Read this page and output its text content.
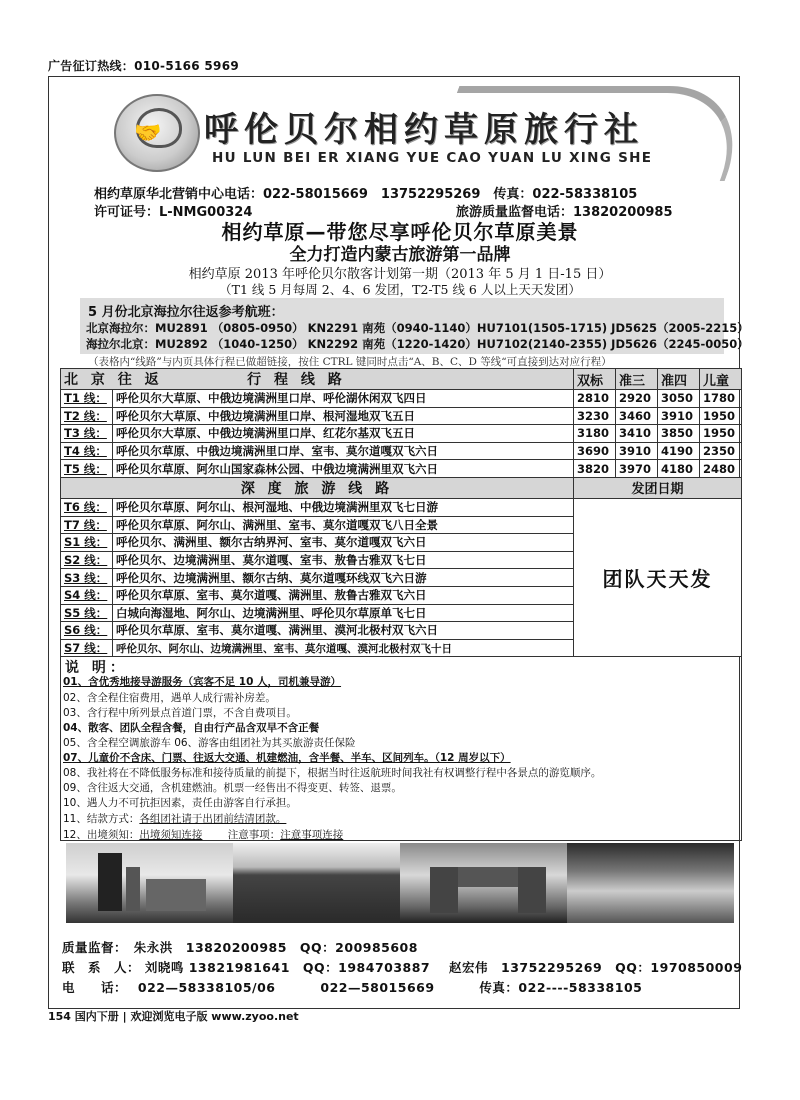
广告征订热线：010-5166 5969
🤝 呼伦贝尔相约草原旅行社
HU LUN BEI ER XIANG YUE CAO YUAN LU XING SHE
相约草原华北营销中心电话：022-58015669　13752295269　传真：022-58338105
许可证号：L-NMG00324	旅游质量监督电话：13820200985
相约草原—带您尽享呼伦贝尔草原美景
全力打造内蒙古旅游第一品牌
相约草原 2013 年呼伦贝尔散客计划第一期（2013 年 5 月 1 日-15 日）
（T1 线 5 月每周 2、4、6 发团，T2-T5 线 6 人以上天天发团）
5 月份北京海拉尔往返参考航班：
北京海拉尔：MU2891 （0805-0950） KN2291 南苑（0940-1140）HU7101(1505-1715) JD5625（2005-2215）
海拉尔北京：MU2892 （1040-1250） KN2292 南苑（1220-1420）HU7102(2140-2355) JD5626（2245-0050）
（表格内“线路”与内页具体行程已做超链接，按住 CTRL 键同时点击“A、B、C、D 等线“可直接到达对应行程）
北 京 往 返 行 程 线 路		双标	准三	准四	儿童
T1 线：	呼伦贝尔大草原、中俄边境满洲里口岸、呼伦湖休闲双飞四日	2810	2920	3050	1780
T2 线：	呼伦贝尔大草原、中俄边境满洲里口岸、根河湿地双飞五日	3230	3460	3910	1950
T3 线：	呼伦贝尔大草原、中俄边境满洲里口岸、红花尔基双飞五日	3180	3410	3850	1950
T4 线：	呼伦贝尔草原、中俄边境满洲里口岸、室韦、莫尔道嘎双飞六日	3690	3910	4190	2350
T5 线：	呼伦贝尔草原、阿尔山国家森林公园、中俄边境满洲里双飞六日	3820	3970	4180	2480
深 度 旅 游 线 路		发团日期			
T6 线：	呼伦贝尔草原、阿尔山、根河湿地、中俄边境满洲里双飞七日游	团队天天发			
T7 线：	呼伦贝尔草原、阿尔山、满洲里、室韦、莫尔道嘎双飞八日全景				
S1 线：	呼伦贝尔、满洲里、额尔古纳界河、室韦、莫尔道嘎双飞六日				
S2 线：	呼伦贝尔、边境满洲里、莫尔道嘎、室韦、敖鲁古雅双飞七日				
S3 线：	呼伦贝尔、边境满洲里、额尔古纳、莫尔道嘎环线双飞六日游				
S4 线：	呼伦贝尔草原、室韦、莫尔道嘎、满洲里、敖鲁古雅双飞六日				
S5 线：	白城向海湿地、阿尔山、边境满洲里、呼伦贝尔草原单飞七日				
S6 线：	呼伦贝尔草原、室韦、莫尔道嘎、满洲里、漠河北极村双飞六日				
S7 线：	呼伦贝尔、阿尔山、边境满洲里、室韦、莫尔道嘎、漠河北极村双飞十日				
说 明：
01、含优秀地接导游服务（宾客不足 10 人，司机兼导游）
02、含全程住宿费用，遇单人成行需补房差。
03、含行程中所列景点首道门票，不含自费项目。
04、散客、团队全程含餐，自由行产品含双早不含正餐
05、含全程空调旅游车 06、游客由组团社为其买旅游责任保险
07、儿童价不含床、门票、往返大交通、机建燃油，含半餐、半车、区间列车。（12 周岁以下）
08、我社将在不降低服务标准和接待质量的前提下，根据当时往返航班时间我社有权调整行程中各景点的游览顺序。
09、含往返大交通，含机建燃油。机票一经售出不得变更、转签、退票。
10、遇人力不可抗拒因素，责任由游客自行承担。
11、结款方式：各组团社请于出团前结清团款。
12、出境须知：出境须知连接 注意事项：注意事项连接
质量监督：　朱永洪　13820200985　QQ：200985608
联　系　人： 刘晓鸣 13821981641　QQ：1984703887 赵宏伟　13752295269　QQ：1970850009
电　　话： 022—58338105/06	022—58015669	传真：022----58338105
154 国内下册 | 欢迎浏览电子版 www.zyoo.net
